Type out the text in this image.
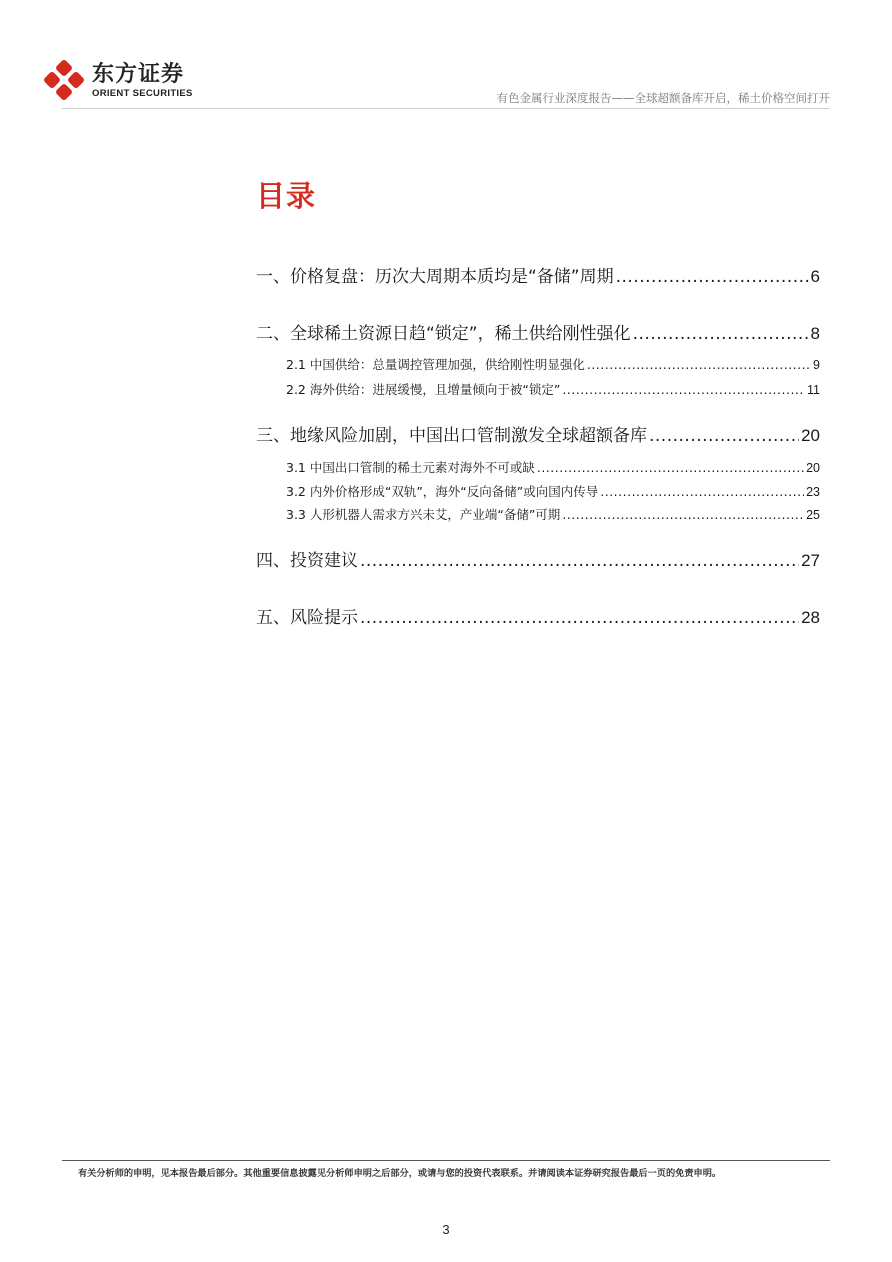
东方证券
ORIENT SECURITIES	有色金属行业深度报告——全球超额备库开启，稀土价格空间打开
目录
一、价格复盘：历次大周期本质均是“备储”周期 .....	6
二、全球稀土资源日趋“锁定”，稀土供给刚性强化 .....	8
2.1 中国供给：总量调控管理加强，供给刚性明显强化 .....	9
2.2 海外供给：进展缓慢，且增量倾向于被“锁定” .....	11
三、地缘风险加剧，中国出口管制激发全球超额备库 .....	20
3.1 中国出口管制的稀土元素对海外不可或缺 .....	20
3.2 内外价格形成“双轨”，海外“反向备储”或向国内传导 .....	23
3.3 人形机器人需求方兴未艾，产业端“备储”可期 .....	25
四、投资建议 .....	27
五、风险提示 .....	28
有关分析师的申明，见本报告最后部分。其他重要信息披露见分析师申明之后部分，或请与您的投资代表联系。并请阅读本证券研究报告最后一页的免责申明。
3
